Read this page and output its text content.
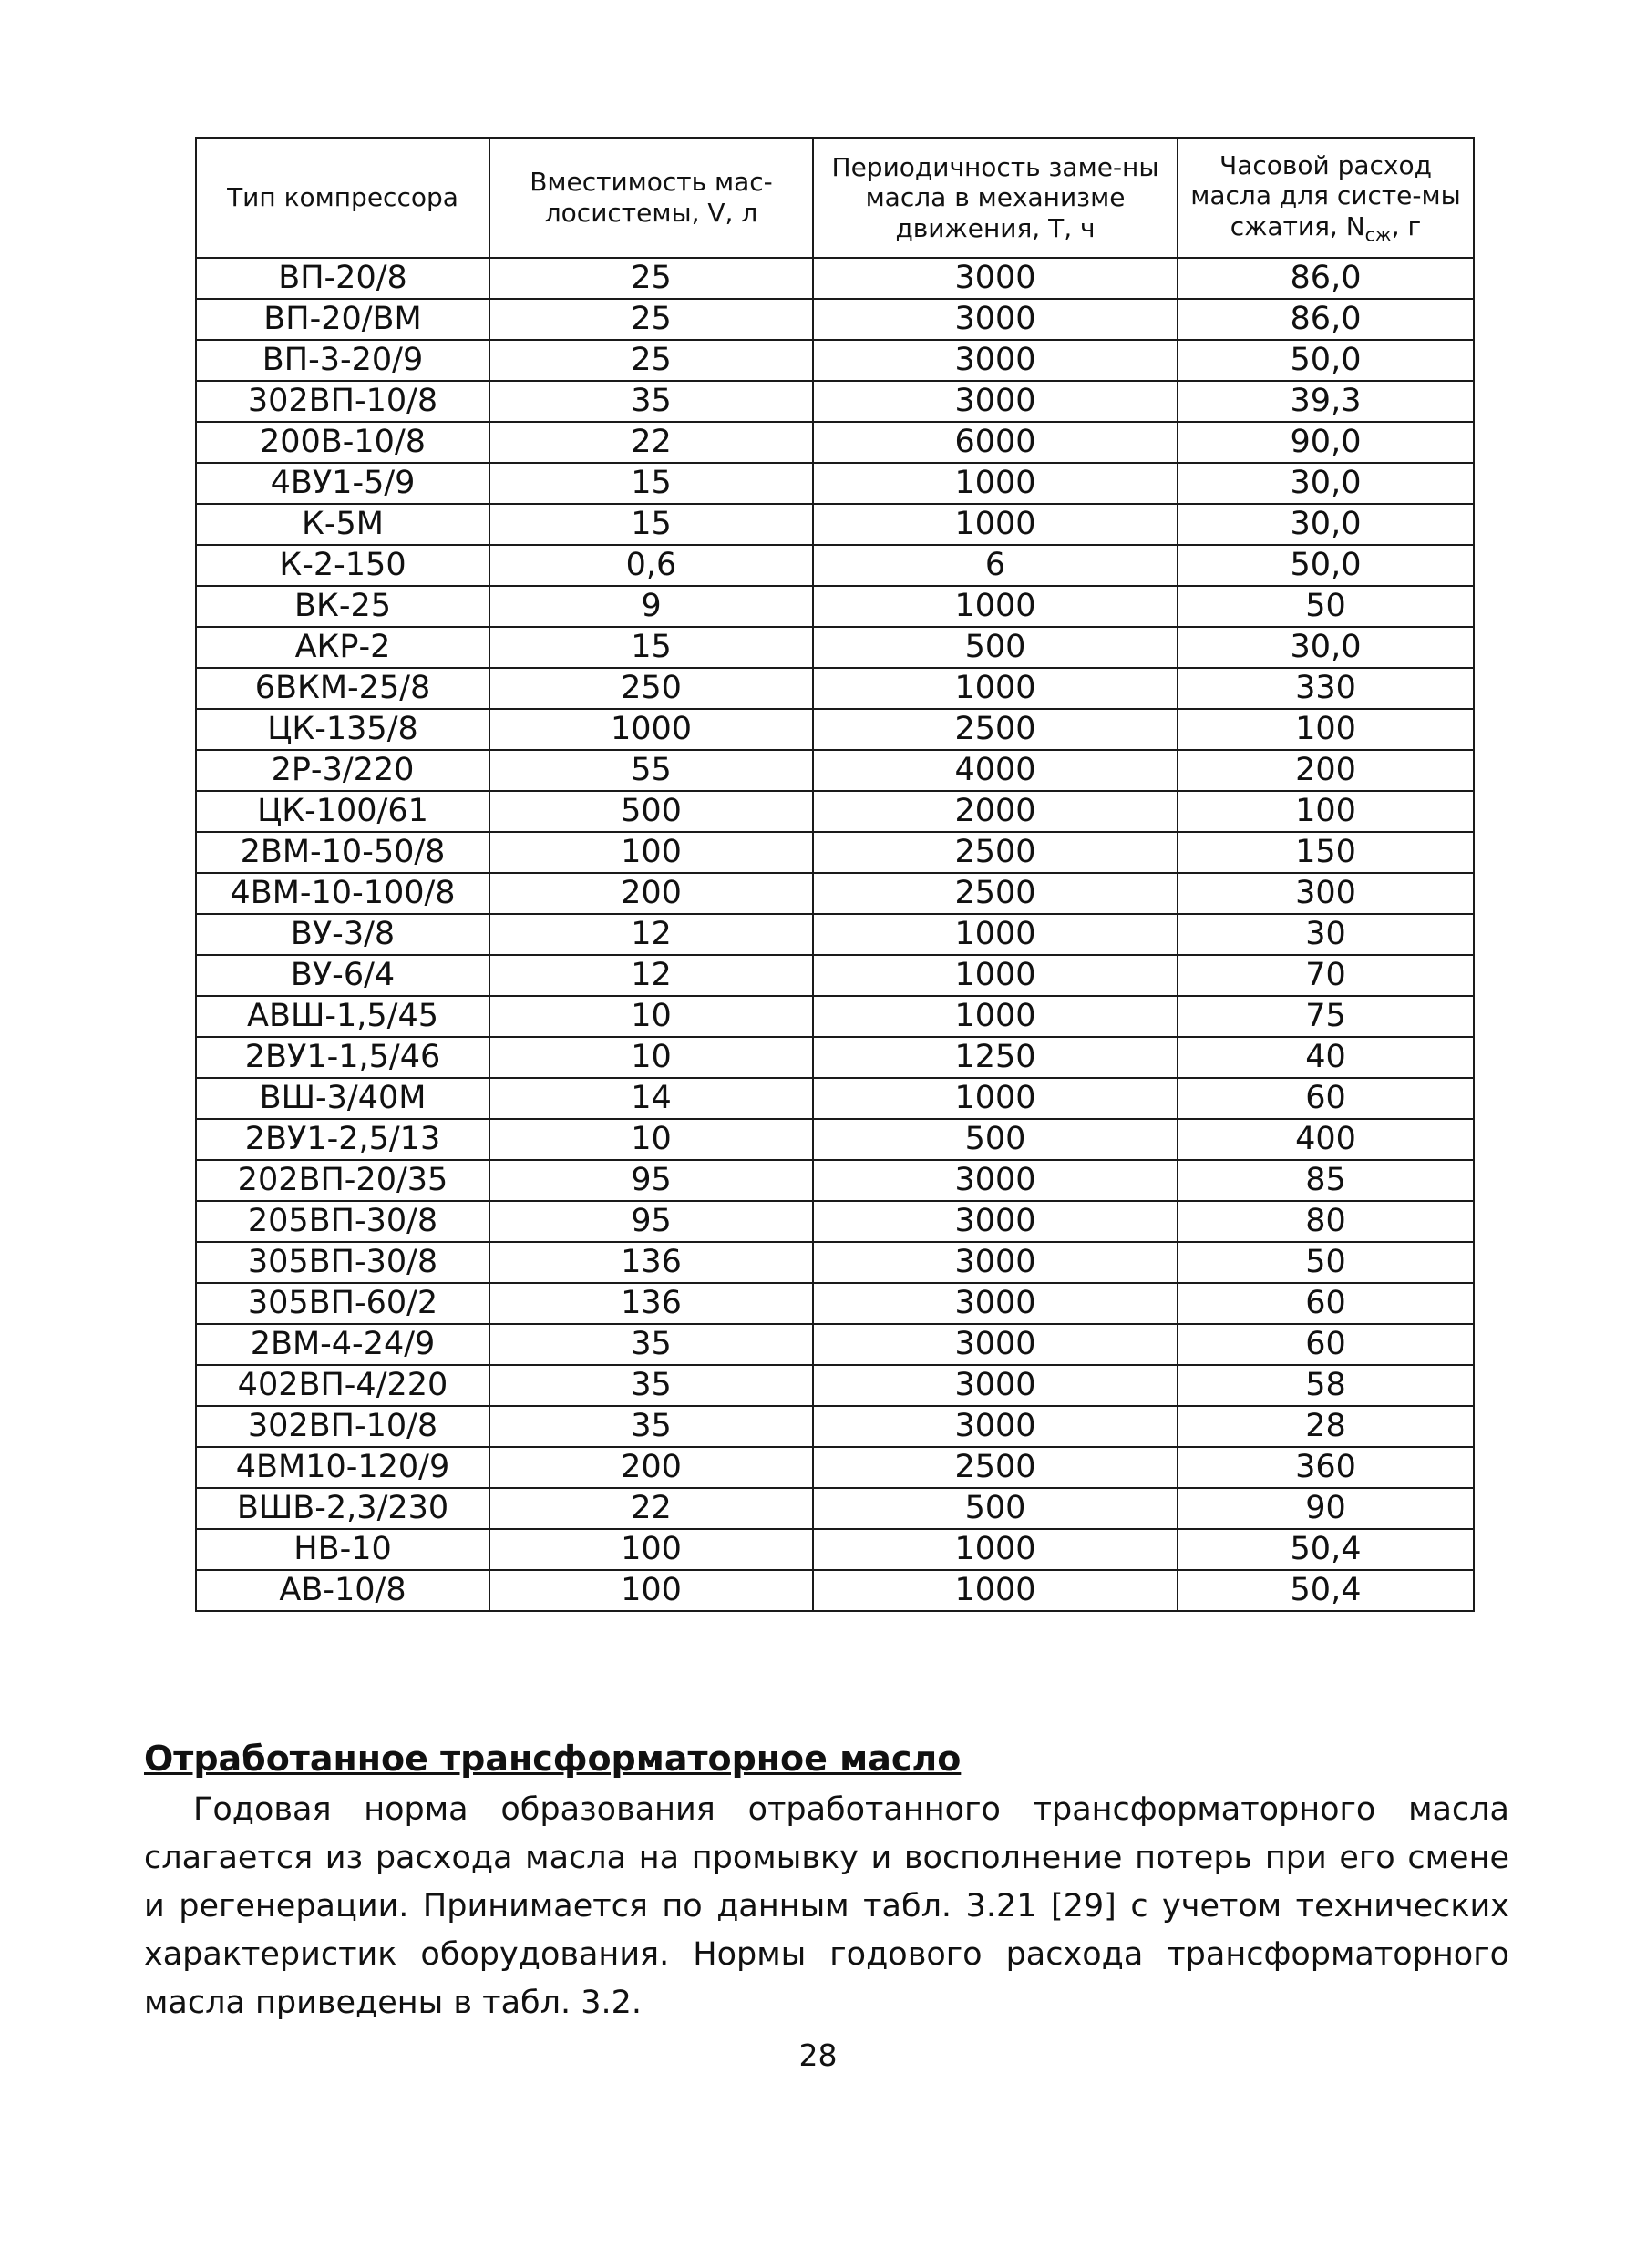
Тип компрессора	Вместимость мас-лосистемы, V, л	Периодичность заме-ны масла в механизме движения, T, ч	Часовой расход масла для систе-мы сжатия, $N_{сж}$, г
ВП-20/8	25	3000	86,0
ВП-20/ВМ	25	3000	86,0
ВП-3-20/9	25	3000	50,0
302ВП-10/8	35	3000	39,3
200В-10/8	22	6000	90,0
4ВУ1-5/9	15	1000	30,0
К-5М	15	1000	30,0
К-2-150	0,6	6	50,0
ВК-25	9	1000	50
АКР-2	15	500	30,0
6ВКМ-25/8	250	1000	330
ЦК-135/8	1000	2500	100
2Р-3/220	55	4000	200
ЦК-100/61	500	2000	100
2ВМ-10-50/8	100	2500	150
4ВМ-10-100/8	200	2500	300
ВУ-3/8	12	1000	30
ВУ-6/4	12	1000	70
АВШ-1,5/45	10	1000	75
2ВУ1-1,5/46	10	1250	40
ВШ-3/40М	14	1000	60
2ВУ1-2,5/13	10	500	400
202ВП-20/35	95	3000	85
205ВП-30/8	95	3000	80
305ВП-30/8	136	3000	50
305ВП-60/2	136	3000	60
2ВМ-4-24/9	35	3000	60
402ВП-4/220	35	3000	58
302ВП-10/8	35	3000	28
4ВМ10-120/9	200	2500	360
ВШВ-2,3/230	22	500	90
НВ-10	100	1000	50,4
АВ-10/8	100	1000	50,4
Отработанное трансформаторное масло

Годовая норма образования отработанного трансформаторного масла слагается из расхода масла на промывку и восполнение потерь при его смене и регенерации. Принимается по данным табл. 3.21 [29] с учетом технических характеристик оборудования. Нормы годового расхода трансформаторного масла приведены в табл. 3.2.

28
